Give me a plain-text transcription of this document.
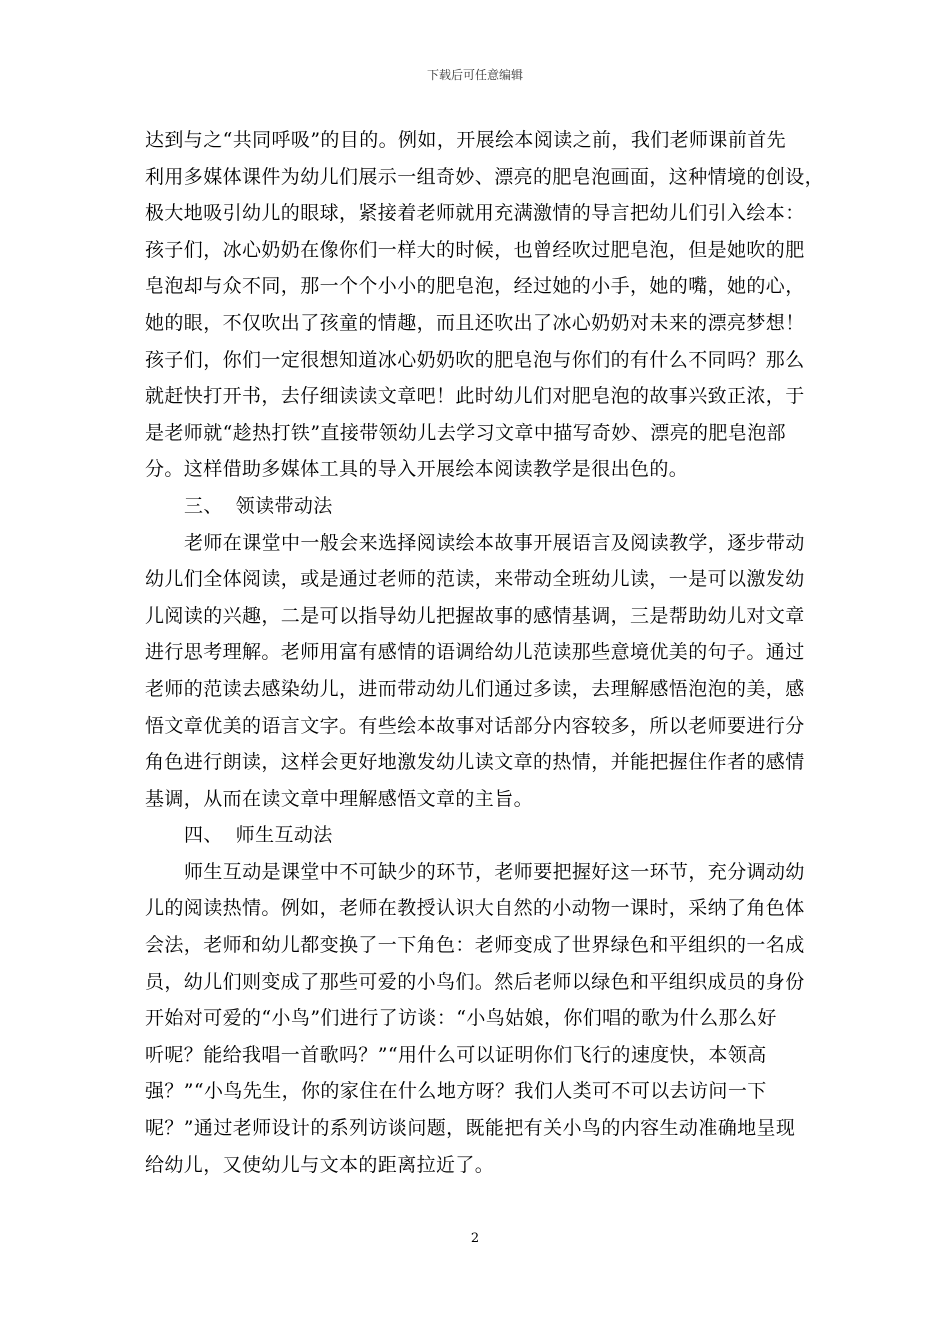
下载后可任意编辑
达到与之“共同呼吸”的目的。例如，开展绘本阅读之前，我们老师课前首先
利用多媒体课件为幼儿们展示一组奇妙、漂亮的肥皂泡画面，这种情境的创设，
极大地吸引幼儿的眼球，紧接着老师就用充满激情的导言把幼儿们引入绘本：
孩子们，冰心奶奶在像你们一样大的时候，也曾经吹过肥皂泡，但是她吹的肥
皂泡却与众不同，那一个个小小的肥皂泡，经过她的小手，她的嘴，她的心，
她的眼，不仅吹出了孩童的情趣，而且还吹出了冰心奶奶对未来的漂亮梦想！
孩子们，你们一定很想知道冰心奶奶吹的肥皂泡与你们的有什么不同吗？那么
就赶快打开书，去仔细读读文章吧！此时幼儿们对肥皂泡的故事兴致正浓，于
是老师就“趁热打铁”直接带领幼儿去学习文章中描写奇妙、漂亮的肥皂泡部
分。这样借助多媒体工具的导入开展绘本阅读教学是很出色的。
三、  领读带动法
老师在课堂中一般会来选择阅读绘本故事开展语言及阅读教学，逐步带动
幼儿们全体阅读，或是通过老师的范读，来带动全班幼儿读，一是可以激发幼
儿阅读的兴趣，二是可以指导幼儿把握故事的感情基调，三是帮助幼儿对文章
进行思考理解。老师用富有感情的语调给幼儿范读那些意境优美的句子。通过
老师的范读去感染幼儿，进而带动幼儿们通过多读，去理解感悟泡泡的美，感
悟文章优美的语言文字。有些绘本故事对话部分内容较多，所以老师要进行分
角色进行朗读，这样会更好地激发幼儿读文章的热情，并能把握住作者的感情
基调，从而在读文章中理解感悟文章的主旨。
四、  师生互动法
师生互动是课堂中不可缺少的环节，老师要把握好这一环节，充分调动幼
儿的阅读热情。例如，老师在教授认识大自然的小动物一课时，采纳了角色体
会法，老师和幼儿都变换了一下角色：老师变成了世界绿色和平组织的一名成
员，幼儿们则变成了那些可爱的小鸟们。然后老师以绿色和平组织成员的身份
开始对可爱的“小鸟”们进行了访谈：“小鸟姑娘，你们唱的歌为什么那么好
听呢？能给我唱一首歌吗？”“用什么可以证明你们飞行的速度快，本领高
强？”“小鸟先生，你的家住在什么地方呀？我们人类可不可以去访问一下
呢？”通过老师设计的系列访谈问题，既能把有关小鸟的内容生动准确地呈现
给幼儿，又使幼儿与文本的距离拉近了。
2
